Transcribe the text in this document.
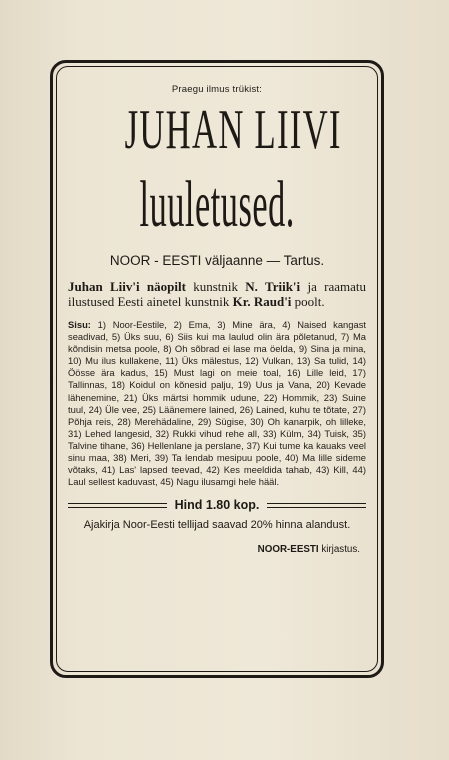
Praegu ilmus trükist:

JUHAN LIIVI
luuletused.

NOOR - EESTI väljaanne — Tartus.

Juhan Liiv'i näopilt kunstnik N. Triik'i ja raamatu ilustused Eesti ainetel kunstnik Kr. Raud'i poolt.

Sisu: 1) Noor-Eestile, 2) Ema, 3) Mine ära, 4) Naised kangast seadivad, 5) Üks suu, 6) Siis kui ma laulud olin ära põletanud, 7) Ma kõndisin metsa poole, 8) Oh sõbrad ei lase ma öelda, 9) Sina ja mina, 10) Mu ilus kullakene, 11) Üks mälestus, 12) Vulkan, 13) Sa tulid, 14) Öösse ära kadus, 15) Must lagi on meie toal, 16) Lille leid, 17) Tallinnas, 18) Koidul on kõnesid palju, 19) Uus ja Vana, 20) Kevade lähenemine, 21) Üks märtsi hommik udune, 22) Hommik, 23) Suine tuul, 24) Üle vee, 25) Läänemere lained, 26) Lained, kuhu te tõtate, 27) Põhja reis, 28) Merehädaline, 29) Sügise, 30) Oh kanarpik, oh lilleke, 31) Lehed langesid, 32) Rukki vihud rehe all, 33) Külm, 34) Tuisk, 35) Talvine tihane, 36) Hellenlane ja perslane, 37) Kui tume ka kauaks veel sinu maa, 38) Meri, 39) Ta lendab mesipuu poole, 40) Ma lille sideme võtaks, 41) Las' lapsed teevad, 42) Kes meeldida tahab, 43) Kill, 44) Laul sellest kaduvast, 45) Nagu ilusamgi hele hääl.

Hind 1.80 kop.

Ajakirja Noor-Eesti tellijad saavad 20% hinna alandust.

NOOR-EESTI kirjastus.
